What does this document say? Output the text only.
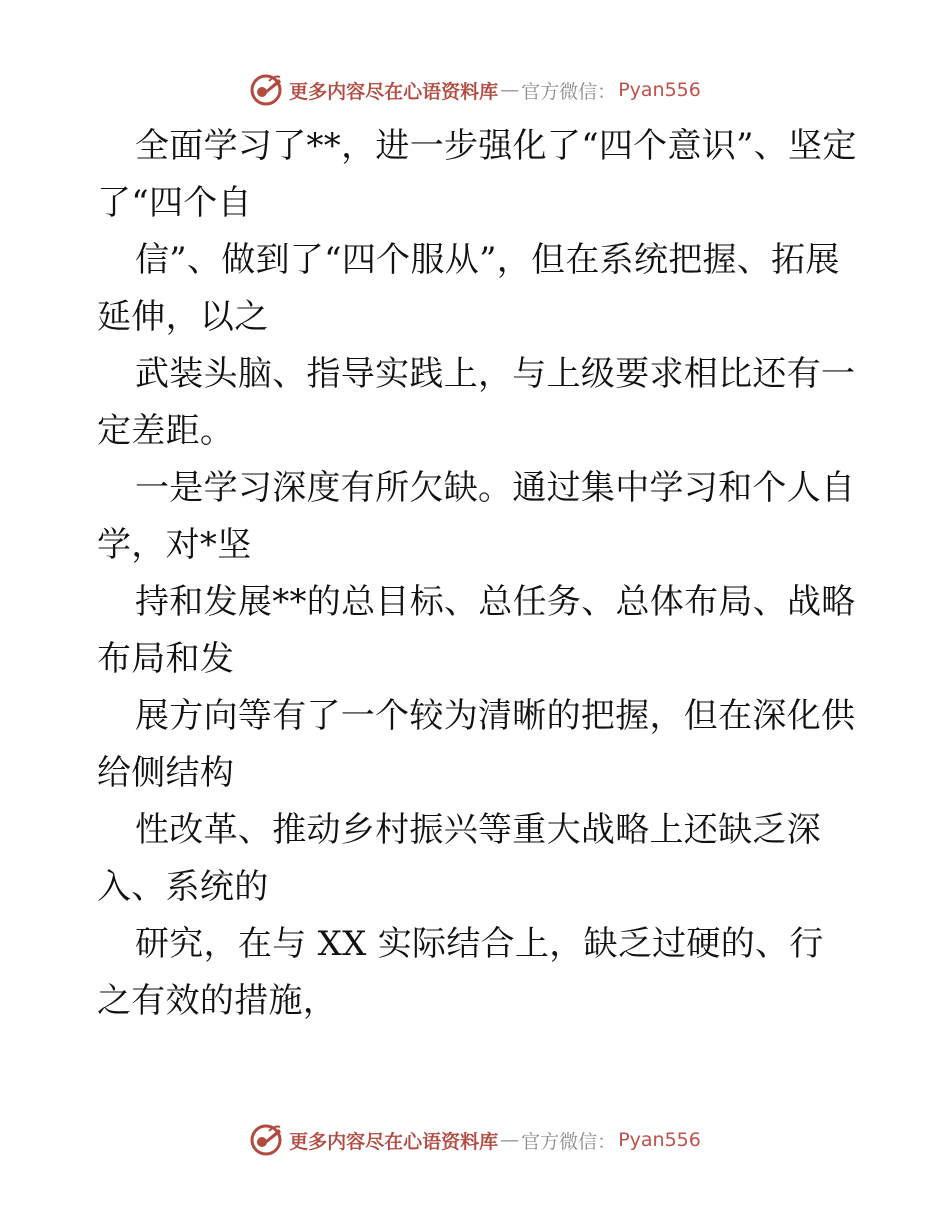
更多内容尽在心语资料库 — 官方微信： Pyan556

全面学习了**，进一步强化了“四个意识”、坚定了“四个自

信”、做到了“四个服从”，但在系统把握、拓展延伸，以之

武装头脑、指导实践上，与上级要求相比还有一定差距。

一是学习深度有所欠缺。通过集中学习和个人自学，对*坚

持和发展**的总目标、总任务、总体布局、战略布局和发

展方向等有了一个较为清晰的把握，但在深化供给侧结构

性改革、推动乡村振兴等重大战略上还缺乏深入、系统的

研究，在与 XX 实际结合上，缺乏过硬的、行之有效的措施，

更多内容尽在心语资料库 — 官方微信： Pyan556
